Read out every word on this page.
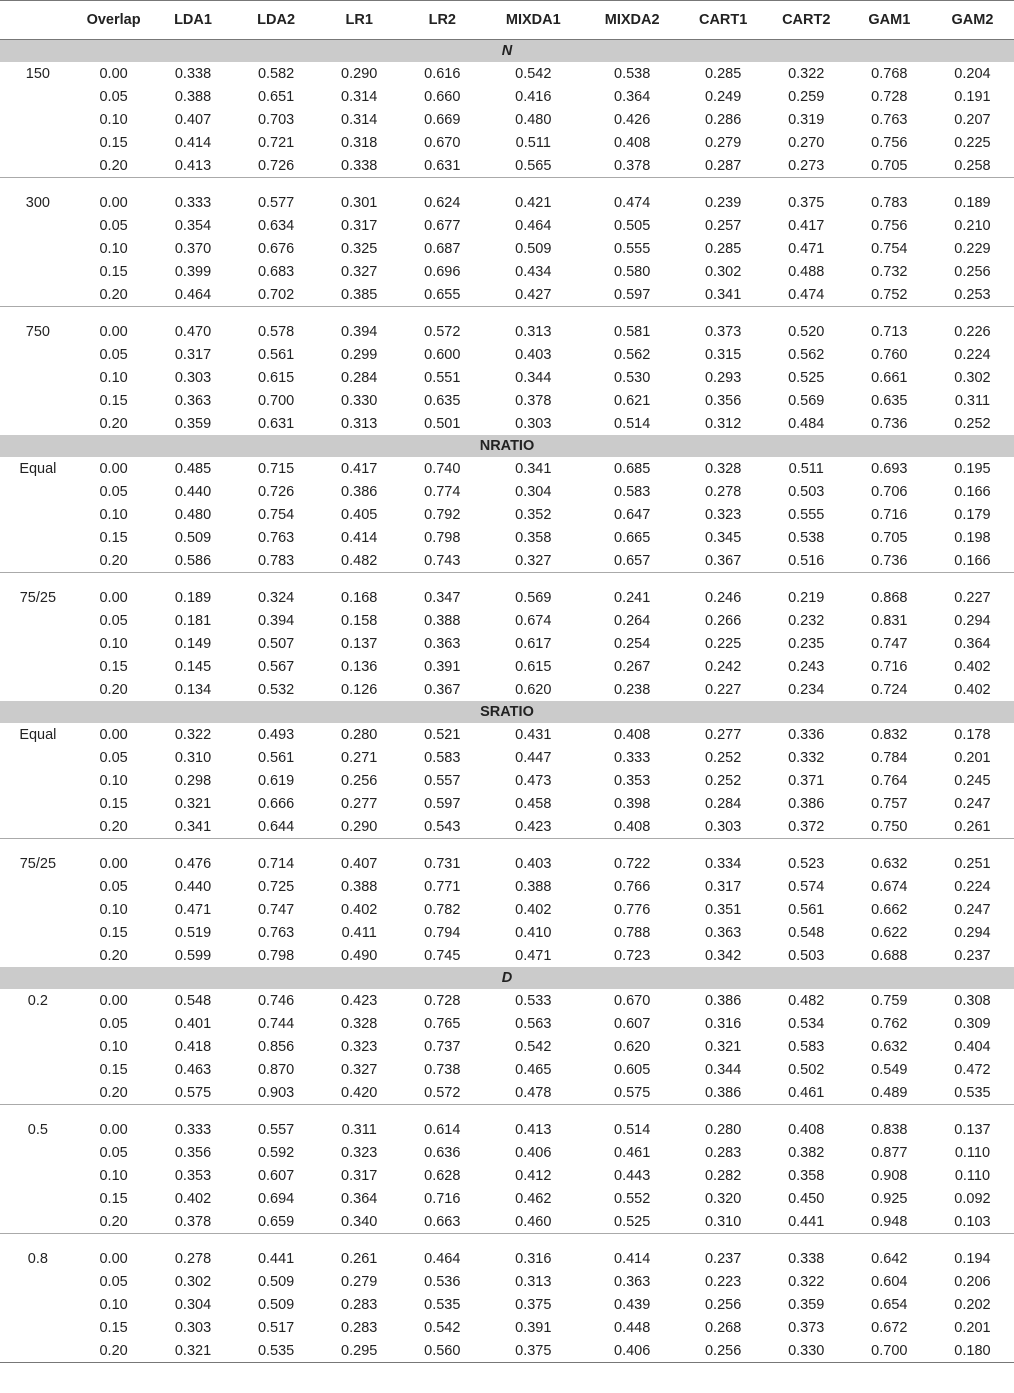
	Overlap	LDA1	LDA2	LR1	LR2	MIXDA1	MIXDA2	CART1	CART2	GAM1	GAM2
N											
150	0.00	0.338	0.582	0.290	0.616	0.542	0.538	0.285	0.322	0.768	0.204
	0.05	0.388	0.651	0.314	0.660	0.416	0.364	0.249	0.259	0.728	0.191
	0.10	0.407	0.703	0.314	0.669	0.480	0.426	0.286	0.319	0.763	0.207
	0.15	0.414	0.721	0.318	0.670	0.511	0.408	0.279	0.270	0.756	0.225
	0.20	0.413	0.726	0.338	0.631	0.565	0.378	0.287	0.273	0.705	0.258

300	0.00	0.333	0.577	0.301	0.624	0.421	0.474	0.239	0.375	0.783	0.189
	0.05	0.354	0.634	0.317	0.677	0.464	0.505	0.257	0.417	0.756	0.210
	0.10	0.370	0.676	0.325	0.687	0.509	0.555	0.285	0.471	0.754	0.229
	0.15	0.399	0.683	0.327	0.696	0.434	0.580	0.302	0.488	0.732	0.256
	0.20	0.464	0.702	0.385	0.655	0.427	0.597	0.341	0.474	0.752	0.253

750	0.00	0.470	0.578	0.394	0.572	0.313	0.581	0.373	0.520	0.713	0.226
	0.05	0.317	0.561	0.299	0.600	0.403	0.562	0.315	0.562	0.760	0.224
	0.10	0.303	0.615	0.284	0.551	0.344	0.530	0.293	0.525	0.661	0.302
	0.15	0.363	0.700	0.330	0.635	0.378	0.621	0.356	0.569	0.635	0.311
	0.20	0.359	0.631	0.313	0.501	0.303	0.514	0.312	0.484	0.736	0.252
NRATIO											
Equal	0.00	0.485	0.715	0.417	0.740	0.341	0.685	0.328	0.511	0.693	0.195
	0.05	0.440	0.726	0.386	0.774	0.304	0.583	0.278	0.503	0.706	0.166
	0.10	0.480	0.754	0.405	0.792	0.352	0.647	0.323	0.555	0.716	0.179
	0.15	0.509	0.763	0.414	0.798	0.358	0.665	0.345	0.538	0.705	0.198
	0.20	0.586	0.783	0.482	0.743	0.327	0.657	0.367	0.516	0.736	0.166

75/25	0.00	0.189	0.324	0.168	0.347	0.569	0.241	0.246	0.219	0.868	0.227
	0.05	0.181	0.394	0.158	0.388	0.674	0.264	0.266	0.232	0.831	0.294
	0.10	0.149	0.507	0.137	0.363	0.617	0.254	0.225	0.235	0.747	0.364
	0.15	0.145	0.567	0.136	0.391	0.615	0.267	0.242	0.243	0.716	0.402
	0.20	0.134	0.532	0.126	0.367	0.620	0.238	0.227	0.234	0.724	0.402
SRATIO											
Equal	0.00	0.322	0.493	0.280	0.521	0.431	0.408	0.277	0.336	0.832	0.178
	0.05	0.310	0.561	0.271	0.583	0.447	0.333	0.252	0.332	0.784	0.201
	0.10	0.298	0.619	0.256	0.557	0.473	0.353	0.252	0.371	0.764	0.245
	0.15	0.321	0.666	0.277	0.597	0.458	0.398	0.284	0.386	0.757	0.247
	0.20	0.341	0.644	0.290	0.543	0.423	0.408	0.303	0.372	0.750	0.261

75/25	0.00	0.476	0.714	0.407	0.731	0.403	0.722	0.334	0.523	0.632	0.251
	0.05	0.440	0.725	0.388	0.771	0.388	0.766	0.317	0.574	0.674	0.224
	0.10	0.471	0.747	0.402	0.782	0.402	0.776	0.351	0.561	0.662	0.247
	0.15	0.519	0.763	0.411	0.794	0.410	0.788	0.363	0.548	0.622	0.294
	0.20	0.599	0.798	0.490	0.745	0.471	0.723	0.342	0.503	0.688	0.237
D											
0.2	0.00	0.548	0.746	0.423	0.728	0.533	0.670	0.386	0.482	0.759	0.308
	0.05	0.401	0.744	0.328	0.765	0.563	0.607	0.316	0.534	0.762	0.309
	0.10	0.418	0.856	0.323	0.737	0.542	0.620	0.321	0.583	0.632	0.404
	0.15	0.463	0.870	0.327	0.738	0.465	0.605	0.344	0.502	0.549	0.472
	0.20	0.575	0.903	0.420	0.572	0.478	0.575	0.386	0.461	0.489	0.535

0.5	0.00	0.333	0.557	0.311	0.614	0.413	0.514	0.280	0.408	0.838	0.137
	0.05	0.356	0.592	0.323	0.636	0.406	0.461	0.283	0.382	0.877	0.110
	0.10	0.353	0.607	0.317	0.628	0.412	0.443	0.282	0.358	0.908	0.110
	0.15	0.402	0.694	0.364	0.716	0.462	0.552	0.320	0.450	0.925	0.092
	0.20	0.378	0.659	0.340	0.663	0.460	0.525	0.310	0.441	0.948	0.103

0.8	0.00	0.278	0.441	0.261	0.464	0.316	0.414	0.237	0.338	0.642	0.194
	0.05	0.302	0.509	0.279	0.536	0.313	0.363	0.223	0.322	0.604	0.206
	0.10	0.304	0.509	0.283	0.535	0.375	0.439	0.256	0.359	0.654	0.202
	0.15	0.303	0.517	0.283	0.542	0.391	0.448	0.268	0.373	0.672	0.201
	0.20	0.321	0.535	0.295	0.560	0.375	0.406	0.256	0.330	0.700	0.180
